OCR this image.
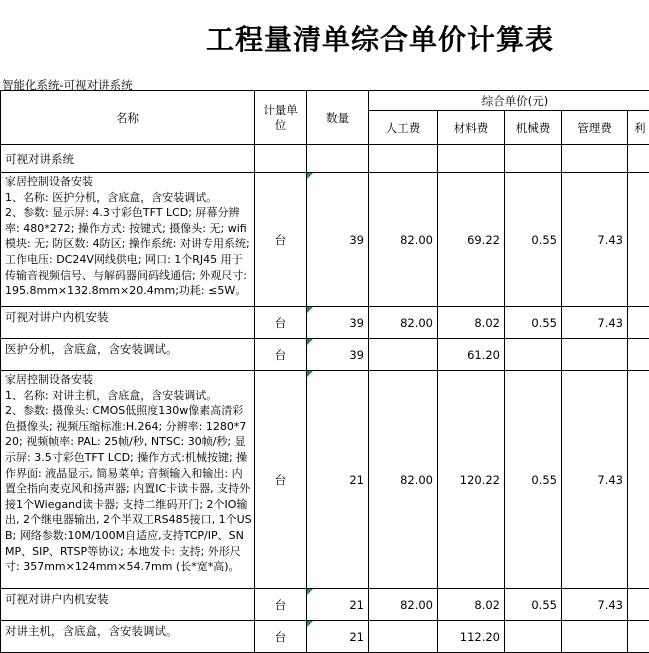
工程量清单综合单价计算表
智能化系统-可视对讲系统
名称	计量单位	数量	综合单价(元)				
			人工费	材料费	机械费	管理费	利
可视对讲系统							
家居控制设备安装
1、名称: 医护分机，含底盒，含安装调试。
2、参数: 显示屏: 4.3寸彩色TFT LCD; 屏幕分辨率: 480*272; 操作方式: 按键式; 摄像头: 无; wifi模块: 无; 防区数: 4防区; 操作系统: 对讲专用系统; 工作电压: DC24V网线供电; 网口: 1个RJ45 用于传输音视频信号、与解码器间码线通信; 外观尺寸: 195.8mm×132.8mm×20.4mm;功耗: ≤5W。	台	39	82.00	69.22	0.55	7.43	
可视对讲户内机安装	台	39	82.00	8.02	0.55	7.43	
医护分机，含底盒，含安装调试。	台	39		61.20			
家居控制设备安装
1、名称: 对讲主机，含底盒，含安装调试。
2、参数: 摄像头: CMOS低照度130w像素高清彩色摄像头; 视频压缩标准:H.264; 分辨率: 1280*720; 视频帧率: PAL: 25帧/秒, NTSC: 30帧/秒; 显示屏: 3.5寸彩色TFT LCD; 操作方式:机械按键; 操作界面: 液晶显示, 简易菜单; 音频输入和输出: 内置全指向麦克风和扬声器; 内置IC卡读卡器, 支持外接1个Wiegand读卡器; 支持二维码开门; 2个IO输出, 2个继电器输出, 2个半双工RS485接口, 1个USB; 网络参数:10M/100M自适应,支持TCP/IP、SNMP、SIP、RTSP等协议; 本地发卡: 支持; 外形尺寸: 357mm×124mm×54.7mm (长*宽*高)。	台	21	82.00	120.22	0.55	7.43	
可视对讲户内机安装	台	21	82.00	8.02	0.55	7.43	
对讲主机，含底盒，含安装调试。	台	21		112.20			
